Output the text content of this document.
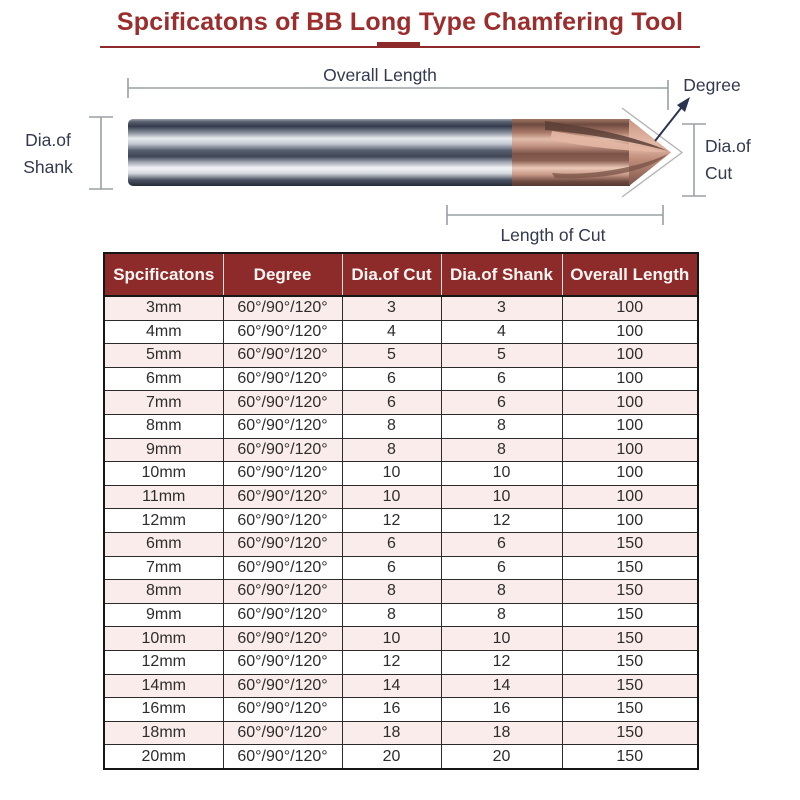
Spcificatons of BB Long Type Chamfering Tool
Overall Length	Degree
Dia.of
Shank
Dia.of
Cut
Length of Cut
Spcificatons	Degree	Dia.of Cut	Dia.of Shank	Overall Length
3mm	60°/90°/120°	3	3	100
4mm	60°/90°/120°	4	4	100
5mm	60°/90°/120°	5	5	100
6mm	60°/90°/120°	6	6	100
7mm	60°/90°/120°	6	6	100
8mm	60°/90°/120°	8	8	100
9mm	60°/90°/120°	8	8	100
10mm	60°/90°/120°	10	10	100
11mm	60°/90°/120°	10	10	100
12mm	60°/90°/120°	12	12	100
6mm	60°/90°/120°	6	6	150
7mm	60°/90°/120°	6	6	150
8mm	60°/90°/120°	8	8	150
9mm	60°/90°/120°	8	8	150
10mm	60°/90°/120°	10	10	150
12mm	60°/90°/120°	12	12	150
14mm	60°/90°/120°	14	14	150
16mm	60°/90°/120°	16	16	150
18mm	60°/90°/120°	18	18	150
20mm	60°/90°/120°	20	20	150
